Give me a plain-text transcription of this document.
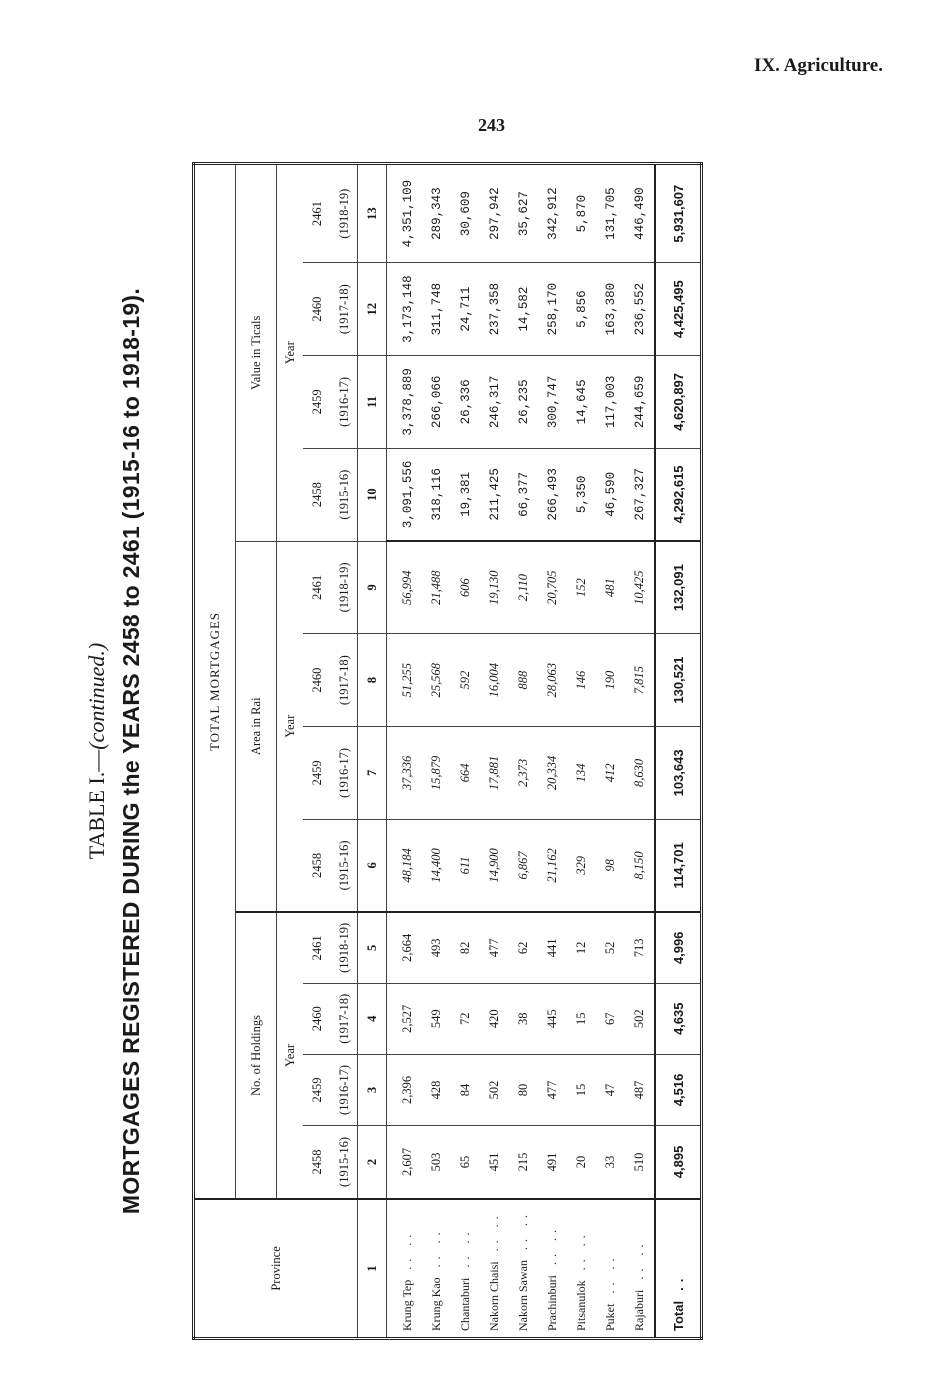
IX. Agriculture.
243
TABLE I.—(continued.) MORTGAGES REGISTERED DURING the YEARS 2458 to 2461 (1915-16 to 1918-19).
Province	TOTAL MORTGAGES											
	No. of Holdings				Area in Rai				Value in Ticals			
	Year				Year				Year			
	2458	2459	2460	2461	2458	2459	2460	2461	2458	2459	2460	2461
	(1915-16)	(1916-17)	(1917-18)	(1918-19)	(1915-16)	(1916-17)	(1917-18)	(1918-19)	(1915-16)	(1916-17)	(1917-18)	(1918-19)
1	2	3	4	5	6	7	8	9	10	11	12	13
Krung Tep.. ..	2,607	2,396	2,527	2,664	48,184	37,336	51,255	56,994	3,091,556	3,378,889	3,173,148	4,351,109
Krung Kao.. ..	503	428	549	493	14,400	15,879	25,568	21,488	318,116	266,066	311,748	289,343
Chantaburi.. ..	65	84	72	82	611	664	592	606	19,381	26,336	24,711	30,609
Nakorn Chaisi.. ..	451	502	420	477	14,900	17,881	16,004	19,130	211,425	246,317	237,358	297,942
Nakorn Sawan.. ..	215	80	38	62	6,867	2,373	888	2,110	66,377	26,235	14,582	35,627
Prachinburi.. ..	491	477	445	441	21,162	20,334	28,063	20,705	266,493	300,747	258,170	342,912
Pitsanulok.. ..	20	15	15	12	329	134	146	152	5,350	14,645	5,856	5,870
Puket.. ..	33	47	67	52	98	412	190	481	46,590	117,003	163,380	131,705
Rajaburi.. ..	510	487	502	713	8,150	8,630	7,815	10,425	267,327	244,659	236,552	446,490
Total..	4,895	4,516	4,635	4,996	114,701	103,643	130,521	132,091	4,292,615	4,620,897	4,425,495	5,931,607
